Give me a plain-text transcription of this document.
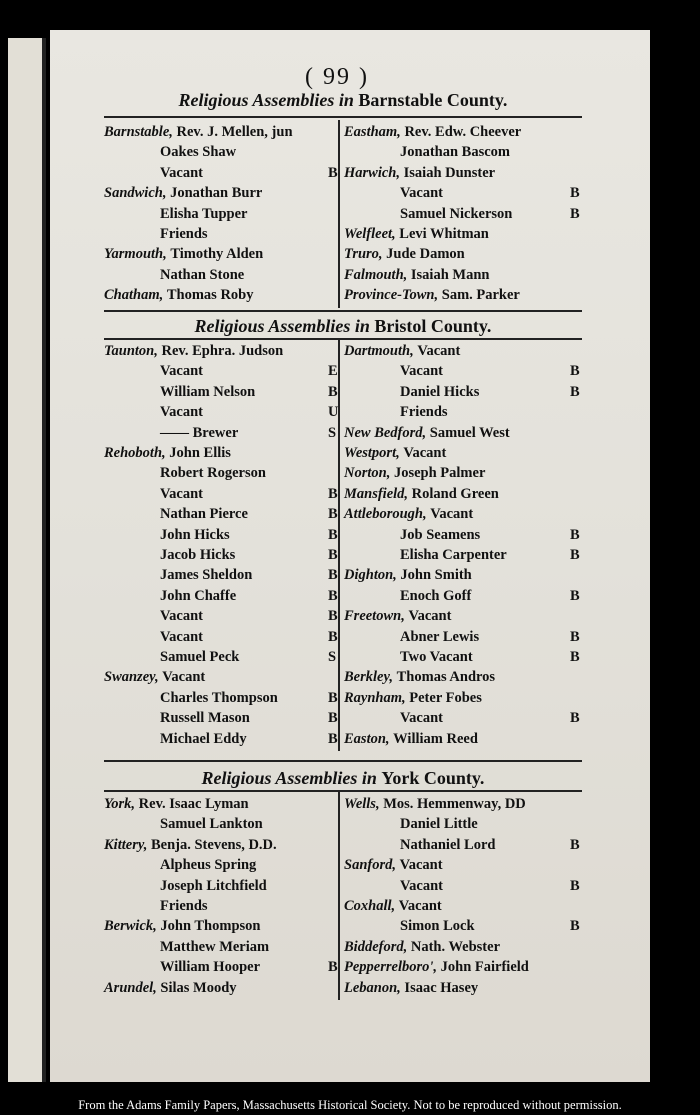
( 99 )
Religious Assemblies in Barnstable County.
Barnstable, Rev. J. Mellen, jun
Oakes Shaw
Vacant	B
Sandwich, Jonathan Burr
Elisha Tupper
Friends
Yarmouth, Timothy Alden
Nathan Stone
Chatham, Thomas Roby
Eastham, Rev. Edw. Cheever
Jonathan Bascom
Harwich, Isaiah Dunster
Vacant	B
Samuel Nickerson	B
Welfleet, Levi Whitman
Truro, Jude Damon
Falmouth, Isaiah Mann
Province-Town, Sam. Parker
Religious Assemblies in Bristol County.
Taunton, Rev. Ephra. Judson
Vacant	E
William Nelson	B
Vacant	U
—— Brewer	S
Rehoboth, John Ellis
Robert Rogerson
Vacant	B
Nathan Pierce	B
John Hicks	B
Jacob Hicks	B
James Sheldon	B
John Chaffe	B
Vacant	B
Vacant	B
Samuel Peck	S
Swanzey, Vacant
Charles Thompson	B
Russell Mason	B
Michael Eddy	B
Dartmouth, Vacant
Vacant	B
Daniel Hicks	B
Friends
New Bedford, Samuel West
Westport, Vacant
Norton, Joseph Palmer
Mansfield, Roland Green
Attleborough, Vacant
Job Seamens	B
Elisha Carpenter	B
Dighton, John Smith
Enoch Goff	B
Freetown, Vacant
Abner Lewis	B
Two Vacant	B
Berkley, Thomas Andros
Raynham, Peter Fobes
Vacant	B
Easton, William Reed
Religious Assemblies in York County.
York, Rev. Isaac Lyman
Samuel Lankton
Kittery, Benja. Stevens, D.D.
Alpheus Spring
Joseph Litchfield
Friends
Berwick, John Thompson
Matthew Meriam
William Hooper	B
Arundel, Silas Moody
Wells, Mos. Hemmenway, DD
Daniel Little
Nathaniel Lord	B
Sanford, Vacant
Vacant	B
Coxhall, Vacant
Simon Lock	B
Biddeford, Nath. Webster
Pepperrelboro', John Fairfield
Lebanon, Isaac Hasey
From the Adams Family Papers, Massachusetts Historical Society. Not to be reproduced without permission.
